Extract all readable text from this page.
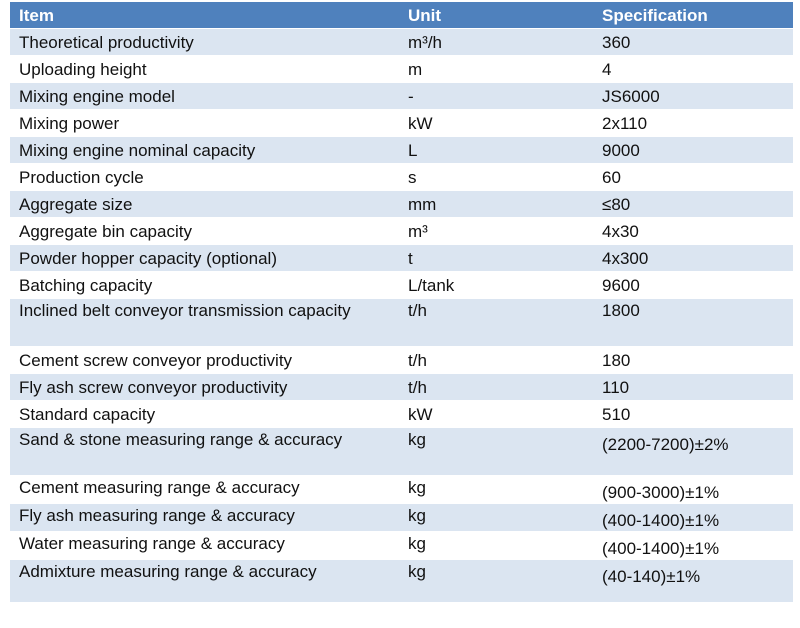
Item	Unit	Specification
Theoretical productivity	m³/h	360
Uploading height	m	4
Mixing engine model	-	JS6000
Mixing power	kW	2x110
Mixing engine nominal capacity	L	9000
Production cycle	s	60
Aggregate size	mm	≤80
Aggregate bin capacity	m³	4x30
Powder hopper capacity (optional)	t	4x300
Batching capacity	L/tank	9600
Inclined belt conveyor transmission capacity	t/h	1800
Cement screw conveyor productivity	t/h	180
Fly ash screw conveyor productivity	t/h	110
Standard capacity	kW	510
Sand & stone measuring range & accuracy	kg	(2200-7200)±2%
Cement measuring range & accuracy	kg	(900-3000)±1%
Fly ash measuring range & accuracy	kg	(400-1400)±1%
Water measuring range & accuracy	kg	(400-1400)±1%
Admixture measuring range & accuracy	kg	(40-140)±1%
